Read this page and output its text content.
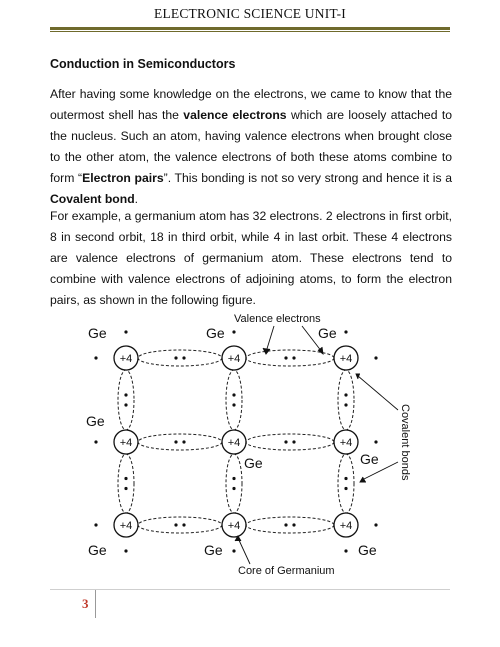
ELECTRONIC SCIENCE UNIT-I
Conduction in Semiconductors
After having some knowledge on the electrons, we came to know that the outermost shell has the valence electrons which are loosely attached to the nucleus. Such an atom, having valence electrons when brought close to the other atom, the valence electrons of both these atoms combine to form “Electron pairs”. This bonding is not so very strong and hence it is a Covalent bond.
For example, a germanium atom has 32 electrons. 2 electrons in first orbit, 8 in second orbit, 18 in third orbit, while 4 in last orbit. These 4 electrons are valence electrons of germanium atom. These electrons tend to combine with valence electrons of adjoining atoms, to form the electron pairs, as shown in the following figure.
+4	+4	+4
+4	+4	+4
+4	+4	+4
Ge	Ge	Ge
Ge
Ge	Ge
Ge	Ge	Ge
Valence electrons
Covalent bonds
Core of Germanium
3
